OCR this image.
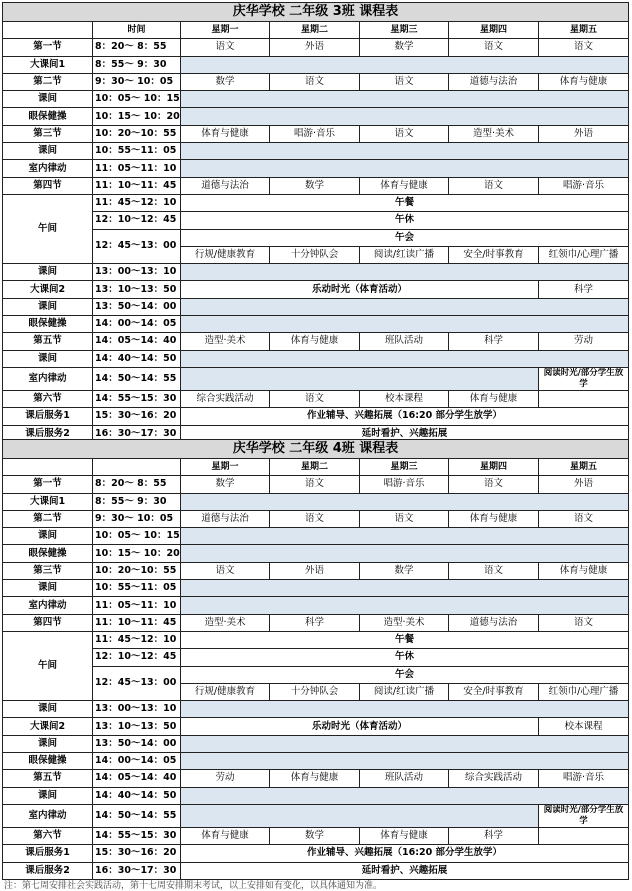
庆华学校 二年级 3班 课程表						
	时间	星期一	星期二	星期三	星期四	星期五
第一节	8：20～ 8：55	语文	外语	数学	语文	语文
大课间1	8：55～ 9：30					
第二节	9：30～ 10：05	数学	语文	语文	道德与法治	体育与健康
课间	10：05～ 10：15					
眼保健操	10：15～ 10：20					
第三节	10：20～10：55	体育与健康	唱游·音乐	语文	造型·美术	外语
课间	10：55～11：05					
室内律动	11：05～11：10					
第四节	11：10～11：45	道德与法治	数学	体育与健康	语文	唱游·音乐
午间	11：45～12：10	午餐				
	12：10～12：45	午休				
	12：45～13：00	午会				
		行规/健康教育	十分钟队会	阅读/红读广播	安全/时事教育	红领巾/心理广播
课间	13：00～13：10					
大课间2	13：10～13：50	乐动时光（体育活动）				科学
课间	13：50～14：00					
眼保健操	14：00～14：05					
第五节	14：05～14：40	造型·美术	体育与健康	班队活动	科学	劳动
课间	14：40～14：50					
室内律动	14：50～14：55					阅读时光/部分学生放学
第六节	14：55～15：30	综合实践活动	语文	校本课程	体育与健康	
课后服务1	15：30～16：20	作业辅导、兴趣拓展（16:20 部分学生放学）				
课后服务2	16：30～17：30	延时看护、兴趣拓展				
庆华学校 二年级 4班 课程表						
		星期一	星期二	星期三	星期四	星期五
第一节	8：20～ 8：55	数学	语文	唱游·音乐	语文	外语
大课间1	8：55～ 9：30					
第二节	9：30～ 10：05	道德与法治	语文	语文	体育与健康	语文
课间	10：05～ 10：15					
眼保健操	10：15～ 10：20					
第三节	10：20～10：55	语文	外语	数学	语文	体育与健康
课间	10：55～11：05					
室内律动	11：05～11：10					
第四节	11：10～11：45	造型·美术	科学	造型·美术	道德与法治	语文
午间	11：45～12：10	午餐				
	12：10～12：45	午休				
	12：45～13：00	午会				
		行规/健康教育	十分钟队会	阅读/红读广播	安全/时事教育	红领巾/心理广播
课间	13：00～13：10					
大课间2	13：10～13：50	乐动时光（体育活动）				校本课程
课间	13：50～14：00					
眼保健操	14：00～14：05					
第五节	14：05～14：40	劳动	体育与健康	班队活动	综合实践活动	唱游·音乐
课间	14：40～14：50					
室内律动	14：50～14：55					阅读时光/部分学生放学
第六节	14：55～15：30	体育与健康	数学	体育与健康	科学	
课后服务1	15：30～16：20	作业辅导、兴趣拓展（16:20 部分学生放学）				
课后服务2	16：30～17：30	延时看护、兴趣拓展				
注：第七周安排社会实践活动，第十七周安排期末考试，以上安排如有变化，以具体通知为准。
